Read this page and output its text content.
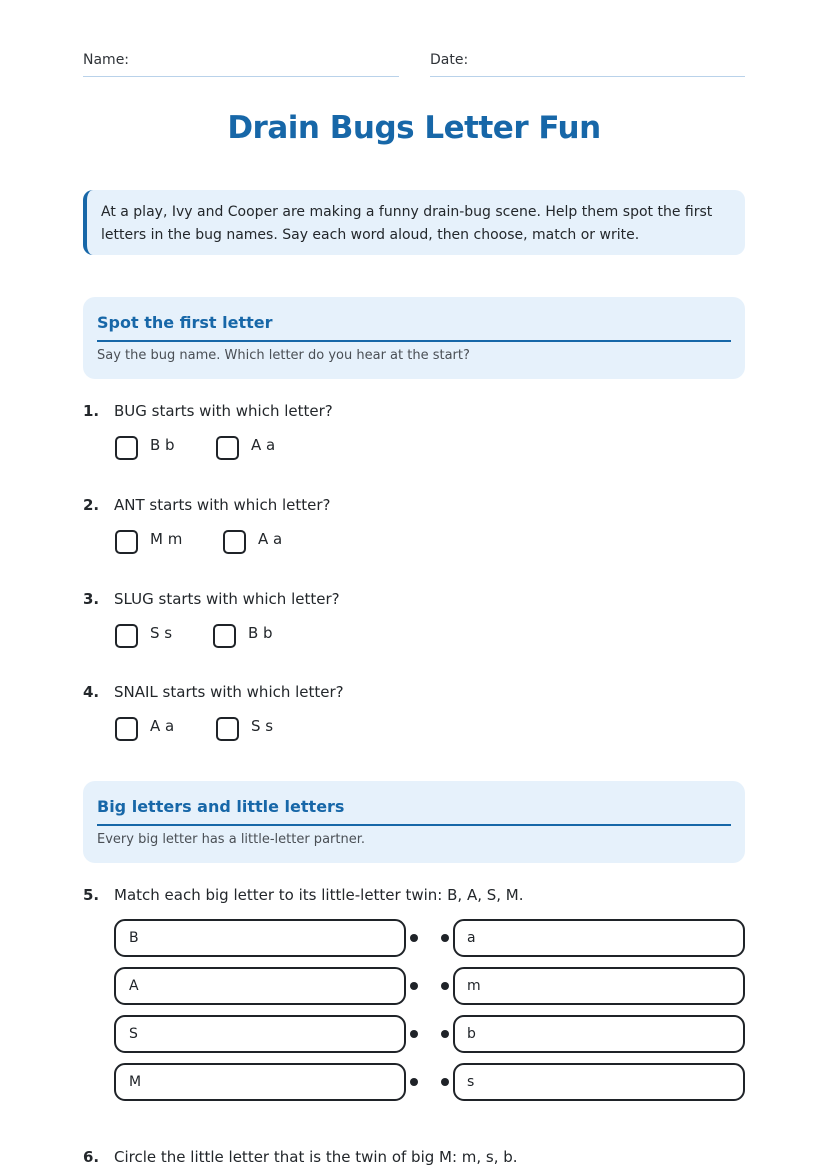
Name:	Date:
Drain Bugs Letter Fun
At a play, Ivy and Cooper are making a funny drain-bug scene. Help them spot the first letters in the bug names. Say each word aloud, then choose, match or write.
Spot the first letter
Say the bug name. Which letter do you hear at the start?
1. BUG starts with which letter?
B b	A a
2. ANT starts with which letter?
M m	A a
3. SLUG starts with which letter?
S s	B b
4. SNAIL starts with which letter?
A a	S s
Big letters and little letters
Every big letter has a little-letter partner.
5. Match each big letter to its little-letter twin: B, A, S, M.
B	a
A	m
S	b
M	s
6. Circle the little letter that is the twin of big M: m, s, b.
